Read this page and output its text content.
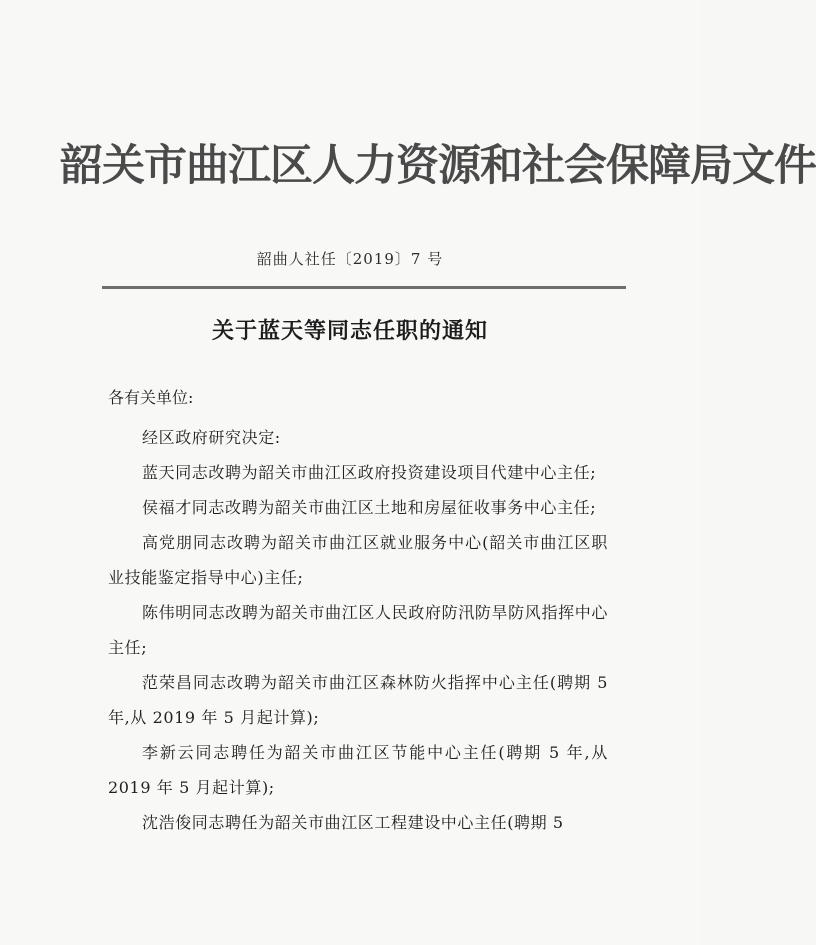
韶关市曲江区人力资源和社会保障局文件
韶曲人社任〔2019〕7 号
关于蓝天等同志任职的通知
各有关单位:
经区政府研究决定:
蓝天同志改聘为韶关市曲江区政府投资建设项目代建中心主任;
侯福才同志改聘为韶关市曲江区土地和房屋征收事务中心主任;
高党朋同志改聘为韶关市曲江区就业服务中心(韶关市曲江区职业技能鉴定指导中心)主任;
陈伟明同志改聘为韶关市曲江区人民政府防汛防旱防风指挥中心主任;
范荣昌同志改聘为韶关市曲江区森林防火指挥中心主任(聘期 5 年,从 2019 年 5 月起计算);
李新云同志聘任为韶关市曲江区节能中心主任(聘期 5 年,从 2019 年 5 月起计算);
沈浩俊同志聘任为韶关市曲江区工程建设中心主任(聘期 5
